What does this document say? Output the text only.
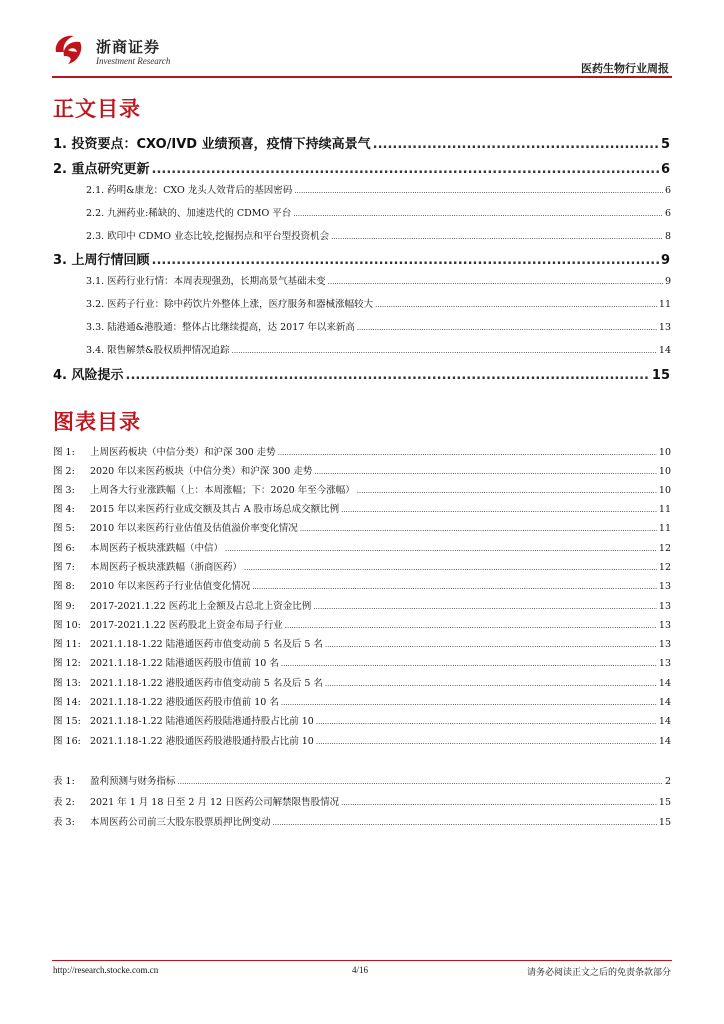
浙商证券
Investment Research
医药生物行业周报
正文目录
1. 投资要点：CXO/IVD 业绩预喜，疫情下持续高景气 .....	5
2. 重点研究更新 .....	6
2.1. 药明&康龙：CXO 龙头人效背后的基因密码 .....	6
2.2. 九洲药业:稀缺的、加速迭代的 CDMO 平台 .....	6
2.3. 欧印中 CDMO 业态比较,挖掘拐点和平台型投资机会 .....	8
3. 上周行情回顾 .....	9
3.1. 医药行业行情：本周表现强劲，长期高景气基础未变 .....	9
3.2. 医药子行业：除中药饮片外整体上涨，医疗服务和器械涨幅较大 .....	11
3.3. 陆港通&港股通：整体占比继续提高，达 2017 年以来新高 .....	13
3.4. 限售解禁&股权质押情况追踪 .....	14
4. 风险提示 .....	15
图表目录
图 1: 上周医药板块（中信分类）和沪深 300 走势 .....	10
图 2: 2020 年以来医药板块（中信分类）和沪深 300 走势 .....	10
图 3: 上周各大行业涨跌幅（上：本周涨幅；下：2020 年至今涨幅） .....	10
图 4: 2015 年以来医药行业成交额及其占 A 股市场总成交额比例 .....	11
图 5: 2010 年以来医药行业估值及估值溢价率变化情况 .....	11
图 6: 本周医药子板块涨跌幅（中信） .....	12
图 7: 本周医药子板块涨跌幅（浙商医药） .....	12
图 8: 2010 年以来医药子行业估值变化情况 .....	13
图 9: 2017-2021.1.22 医药北上金额及占总北上资金比例 .....	13
图 10: 2017-2021.1.22 医药股北上资金布局子行业 .....	13
图 11: 2021.1.18-1.22 陆港通医药市值变动前 5 名及后 5 名 .....	13
图 12: 2021.1.18-1.22 陆港通医药股市值前 10 名 .....	13
图 13: 2021.1.18-1.22 港股通医药市值变动前 5 名及后 5 名 .....	14
图 14: 2021.1.18-1.22 港股通医药股市值前 10 名 .....	14
图 15: 2021.1.18-1.22 陆港通医药股陆港通持股占比前 10 .....	14
图 16: 2021.1.18-1.22 港股通医药股港股通持股占比前 10 .....	14
表 1: 盈利预测与财务指标 .....	2
表 2: 2021 年 1 月 18 日至 2 月 12 日医药公司解禁限售股情况 .....	15
表 3: 本周医药公司前三大股东股票质押比例变动 .....	15
http://research.stocke.com.cn	4/16	请务必阅读正文之后的免责条款部分
